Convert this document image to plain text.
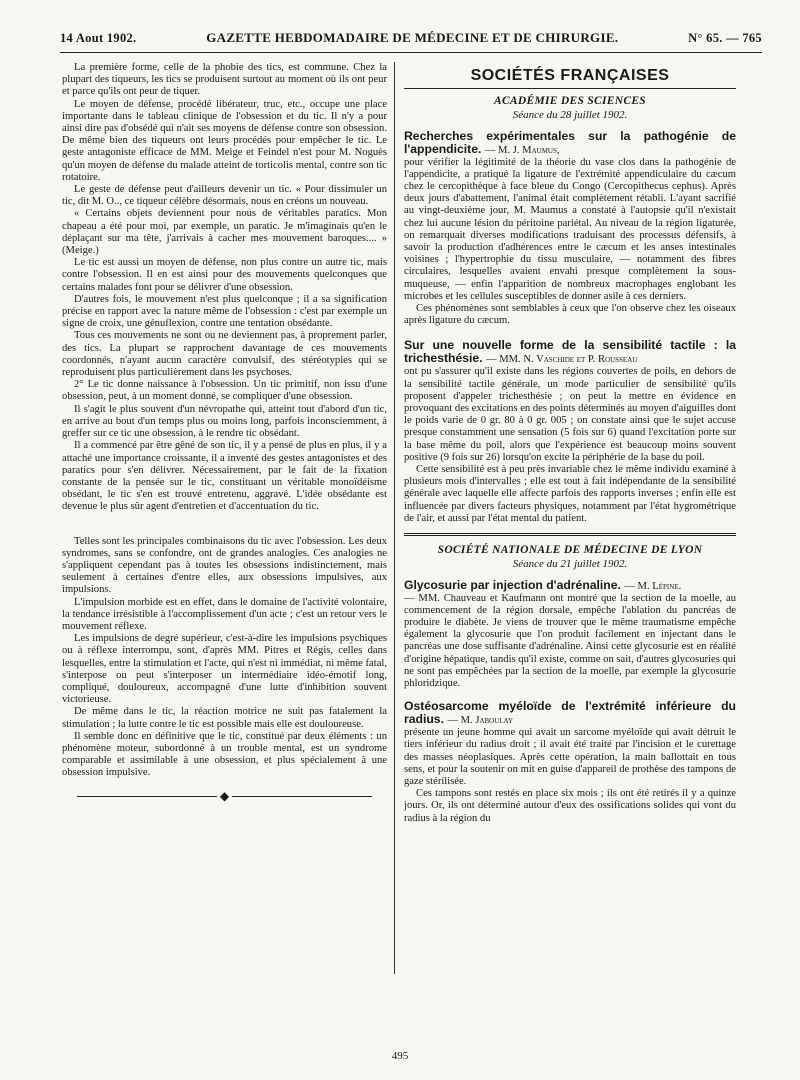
14 Aout 1902.	GAZETTE HEBDOMADAIRE DE MÉDECINE ET DE CHIRURGIE.	N° 65. — 765

La première forme, celle de la phobie des tics, est commune. Chez la plupart des tiqueurs, les tics se produisent surtout au moment où ils ont peur et parce qu'ils ont peur de tiquer.

Le moyen de défense, procédé libérateur, truc, etc., occupe une place importante dans le tableau clinique de l'obsession et du tic. Il n'y a pour ainsi dire pas d'obsédé qui n'ait ses moyens de défense contre son obsession. De même bien des tiqueurs ont leurs procédés pour empêcher le tic. Le geste antagoniste efficace de MM. Meige et Feindel n'est pour M. Noguès qu'un moyen de défense du malade atteint de torticolis mental, contre son tic rotatoire.

Le geste de défense peut d'ailleurs devenir un tic. « Pour dissimuler un tic, dit M. O.., ce tiqueur célèbre désormais, nous en créons un nouveau.

« Certains objets deviennent pour nous de véritables paratics. Mon chapeau a été pour moi, par exemple, un paratic. Je m'imaginais qu'en le déplaçant sur ma tête, j'arrivais à cacher mes mouvement baroques.... » (Meige.)

Le tic est aussi un moyen de défense, non plus contre un autre tic, mais contre l'obsession. Il en est ainsi pour des mouvements quelconques que certains malades font pour se délivrer d'une obsession.

D'autres fois, le mouvement n'est plus quelconque ; il a sa signification précise en rapport avec la nature même de l'obsession : c'est par exemple un signe de croix, une génuflexion, contre une tentation obsédante.

Tous ces mouvements ne sont ou ne deviennent pas, à proprement parler, des tics. La plupart se rapprochent davantage de ces mouvements coordonnés, n'ayant aucun caractère convulsif, des stéréotypies qui se reproduisent plus particulièrement dans les psychoses.

2° Le tic donne naissance à l'obsession. Un tic primitif, non issu d'une obsession, peut, à un moment donné, se compliquer d'une obsession.

Il s'agit le plus souvent d'un névropathe qui, atteint tout d'abord d'un tic, en arrive au bout d'un temps plus ou moins long, parfois inconsciemment, à greffer sur ce tic une obsession, à le rendre tic obsédant.

Il a commencé par être gêné de son tic, il y a pensé de plus en plus, il y a attaché une importance croissante, il a inventé des gestes antagonistes et des paratics pour s'en délivrer. Nécessairement, par le fait de la fixation constante de la pensée sur le tic, constituant un véritable monoïdéisme obsédant, le tic s'en est trouvé entretenu, aggravé. L'idée obsédante est devenue le plus sûr agent d'entretien et d'accentuation du tic.

Telles sont les principales combinaisons du tic avec l'obsession. Les deux syndromes, sans se confondre, ont de grandes analogies. Ces analogies ne s'appliquent cependant pas à toutes les obsessions indistinctement, mais seulement à certaines d'entre elles, aux obsessions impulsives, aux impulsions.

L'impulsion morbide est en effet, dans le domaine de l'activité volontaire, la tendance irrésistible à l'accomplissement d'un acte ; c'est un retour vers le mouvement réflexe.

Les impulsions de degré supérieur, c'est-à-dire les impulsions psychiques ou à réflexe interrompu, sont, d'après MM. Pitres et Régis, celles dans lesquelles, entre la stimulation et l'acte, qui n'est ni immédiat, ni même fatal, s'interpose ou peut s'interposer un intermédiaire idéo-émotif long, compliqué, douloureux, accompagné d'une lutte d'inhibition souvent victorieuse.

De même dans le tic, la réaction motrice ne suit pas fatalement la stimulation ; la lutte contre le tic est possible mais elle est douloureuse.

Il semble donc en définitive que le tic, constitué par deux éléments : un phénomène moteur, subordonné à un trouble mental, est un syndrome comparable et assimilable à une obsession, et plus spécialement à une obsession impulsive.

◆
SOCIÉTÉS FRANÇAISES
ACADÉMIE DES SCIENCES
Séance du 28 juillet 1902.
Recherches expérimentales sur la pathogénie de l'appendicite. — M. J. Maumus,

pour vérifier la légitimité de la théorie du vase clos dans la pathogénie de l'appendicite, a pratiqué la ligature de l'extrémité appendiculaire du cæcum chez le cercopithèque à face bleue du Congo (Cercopithecus cephus). Après deux jours d'abattement, l'animal était complètement rétabli. L'ayant sacrifié au vingt-deuxième jour, M. Maumus a constaté à l'autopsie qu'il n'existait chez lui aucune lésion du péritoine pariétal. Au niveau de la région ligaturée, on remarquait diverses modifications traduisant des processus défensifs, à savoir la production d'adhérences entre le cæcum et les anses intestinales voisines ; l'hypertrophie du tissu musculaire, — notamment des fibres circulaires, lesquelles avaient envahi presque complètement la sous-muqueuse, — enfin l'apparition de nombreux macrophages englobant les microbes et les cellules susceptibles de donner asile à ces derniers.

Ces phénomènes sont semblables à ceux que l'on observe chez les oiseaux après ligature du cæcum.

Sur une nouvelle forme de la sensibilité tactile : la trichesthésie. — MM. N. Vaschide et P. Rousseau

ont pu s'assurer qu'il existe dans les régions couvertes de poils, en dehors de la sensibilité tactile générale, un mode particulier de sensibilité qu'ils proposent d'appeler trichesthésie ; on peut la mettre en évidence en provoquant des excitations en des points déterminés au moyen d'aiguilles dont le poids varie de 0 gr. 80 à 0 gr. 005 ; on constate ainsi que le sujet accuse presque constamment une sensation (5 fois sur 6) quand l'excitation porte sur la base même du poil, alors que l'expérience est beaucoup moins souvent positive (9 fois sur 26) lorsqu'on excite la périphérie de la base du poil.

Cette sensibilité est à peu près invariable chez le même individu examiné à plusieurs mois d'intervalles ; elle est tout à fait indépendante de la sensibilité générale avec laquelle elle affecte parfois des rapports inverses ; enfin elle est influencée par divers facteurs physiques, notamment par l'état hygrométrique de l'air, et aussi par l'état mental du patient.

SOCIÉTÉ NATIONALE DE MÉDECINE DE LYON
Séance du 21 juillet 1902.
Glycosurie par injection d'adrénaline. — M. Lépine.

— MM. Chauveau et Kaufmann ont montré que la section de la moelle, au commencement de la région dorsale, empêche l'ablation du pancréas de produire le diabète. Je viens de trouver que le même traumatisme empêche également la glycosurie que l'on produit facilement en injectant dans le pancréas une dose suffisante d'adrénaline. Ainsi cette glycosurie est en réalité d'origine hépatique, tandis qu'il existe, comme on sait, d'autres glycosuries qui ne sont pas empêchées par la section de la moelle, par exemple la glycosurie phloridzique.

Ostéosarcome myéloïde de l'extrémité inférieure du radius. — M. Jaboulay

présente un jeune homme qui avait un sarcome myéloïde qui avait détruit le tiers inférieur du radius droit ; il avait été traité par l'incision et le curettage des masses néoplasiques. Après cette opération, la main ballottait en tous sens, et pour la soutenir on mit en guise d'appareil de prothèse des tampons de gaze stérilisée.

Ces tampons sont restés en place six mois ; ils ont été retirés il y a quinze jours. Or, ils ont déterminé autour d'eux des ossifications solides qui vont du radius à la région du

495
